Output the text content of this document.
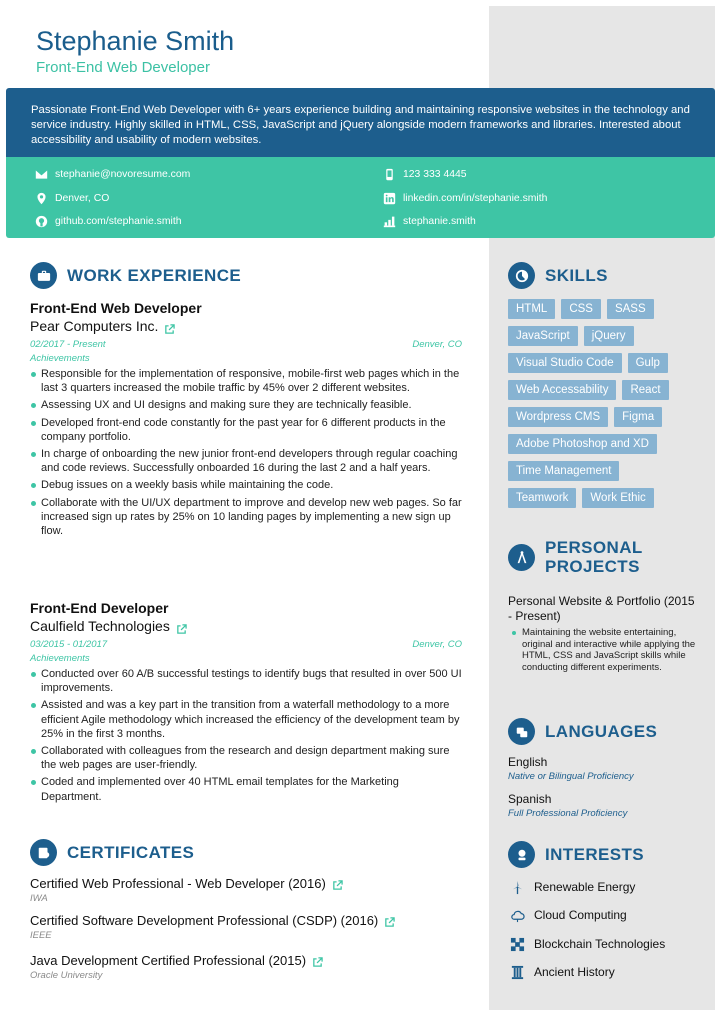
Stephanie Smith
Front-End Web Developer

Passionate Front-End Web Developer with 6+ years experience building and maintaining responsive websites in the technology and service industry. Highly skilled in HTML, CSS, JavaScript and jQuery alongside modern frameworks and libraries. Interested about accessibility and usability of modern websites.

stephanie@novoresume.com
Denver, CO
github.com/stephanie.smith
123 333 4445
linkedin.com/in/stephanie.smith
stephanie.smith
WORK EXPERIENCE
Front-End Web Developer
Pear Computers Inc.
02/2017 - Present	Denver, CO
Achievements
Responsible for the implementation of responsive, mobile-first web pages which in the last 3 quarters increased the mobile traffic by 45% over 2 different websites.
Assessing UX and UI designs and making sure they are technically feasible.
Developed front-end code constantly for the past year for 6 different products in the company portfolio.
In charge of onboarding the new junior front-end developers through regular coaching and code reviews. Successfully onboarded 16 during the last 2 and a half years.
Debug issues on a weekly basis while maintaining the code.
Collaborate with the UI/UX department to improve and develop new web pages. So far increased sign up rates by 25% on 10 landing pages by implementing a new sign up flow.
Front-End Developer
Caulfield Technologies
03/2015 - 01/2017	Denver, CO
Achievements
Conducted over 60 A/B successful testings to identify bugs that resulted in over 500 UI improvements.
Assisted and was a key part in the transition from a waterfall methodology to a more efficient Agile methodology which increased the efficiency of the development team by 25% in the first 3 months.
Collaborated with colleagues from the research and design department making sure the web pages are user-friendly.
Coded and implemented over 40 HTML email templates for the Marketing Department.
CERTIFICATES
Certified Web Professional - Web Developer (2016)
IWA
Certified Software Development Professional (CSDP) (2016)
IEEE
Java Development Certified Professional (2015)
Oracle University
SKILLS
HTML	CSS	SASS
JavaScript	jQuery
Visual Studio Code	Gulp
Web Accessability	React
Wordpress CMS	Figma
Adobe Photoshop and XD
Time Management
Teamwork	Work Ethic
PERSONAL
PROJECTS
Personal Website & Portfolio (2015 - Present)
Maintaining the website entertaining, original and interactive while applying the HTML, CSS and JavaScript skills while conducting different experiments.
LANGUAGES
English
Native or Bilingual Proficiency
Spanish
Full Professional Proficiency
INTERESTS
Renewable Energy
Cloud Computing
Blockchain Technologies
Ancient History
